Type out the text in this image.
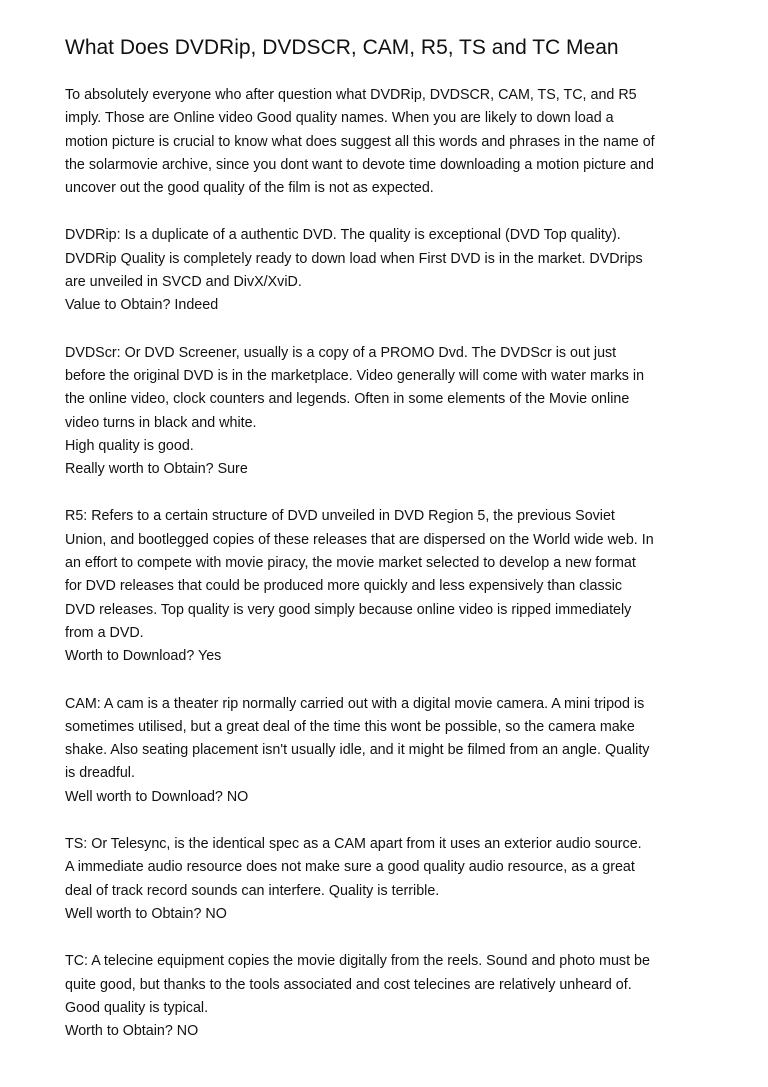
What Does DVDRip, DVDSCR, CAM, R5, TS and TC Mean
To absolutely everyone who after question what DVDRip, DVDSCR, CAM, TS, TC, and R5
imply. Those are Online video Good quality names. When you are likely to down load a
motion picture is crucial to know what does suggest all this words and phrases in the name of
the solarmovie archive, since you dont want to devote time downloading a motion picture and
uncover out the good quality of the film is not as expected.
DVDRip: Is a duplicate of a authentic DVD. The quality is exceptional (DVD Top quality).
DVDRip Quality is completely ready to down load when First DVD is in the market. DVDrips
are unveiled in SVCD and DivX/XviD.
Value to Obtain? Indeed
DVDScr: Or DVD Screener, usually is a copy of a PROMO Dvd. The DVDScr is out just
before the original DVD is in the marketplace. Video generally will come with water marks in
the online video, clock counters and legends. Often in some elements of the Movie online
video turns in black and white.
High quality is good.
Really worth to Obtain? Sure
R5: Refers to a certain structure of DVD unveiled in DVD Region 5, the previous Soviet
Union, and bootlegged copies of these releases that are dispersed on the World wide web. In
an effort to compete with movie piracy, the movie market selected to develop a new format
for DVD releases that could be produced more quickly and less expensively than classic
DVD releases. Top quality is very good simply because online video is ripped immediately
from a DVD.
Worth to Download? Yes
CAM: A cam is a theater rip normally carried out with a digital movie camera. A mini tripod is
sometimes utilised, but a great deal of the time this wont be possible, so the camera make
shake. Also seating placement isn't usually idle, and it might be filmed from an angle. Quality
is dreadful.
Well worth to Download? NO
TS: Or Telesync, is the identical spec as a CAM apart from it uses an exterior audio source.
A immediate audio resource does not make sure a good quality audio resource, as a great
deal of track record sounds can interfere. Quality is terrible.
Well worth to Obtain? NO
TC: A telecine equipment copies the movie digitally from the reels. Sound and photo must be
quite good, but thanks to the tools associated and cost telecines are relatively unheard of.
Good quality is typical.
Worth to Obtain? NO
